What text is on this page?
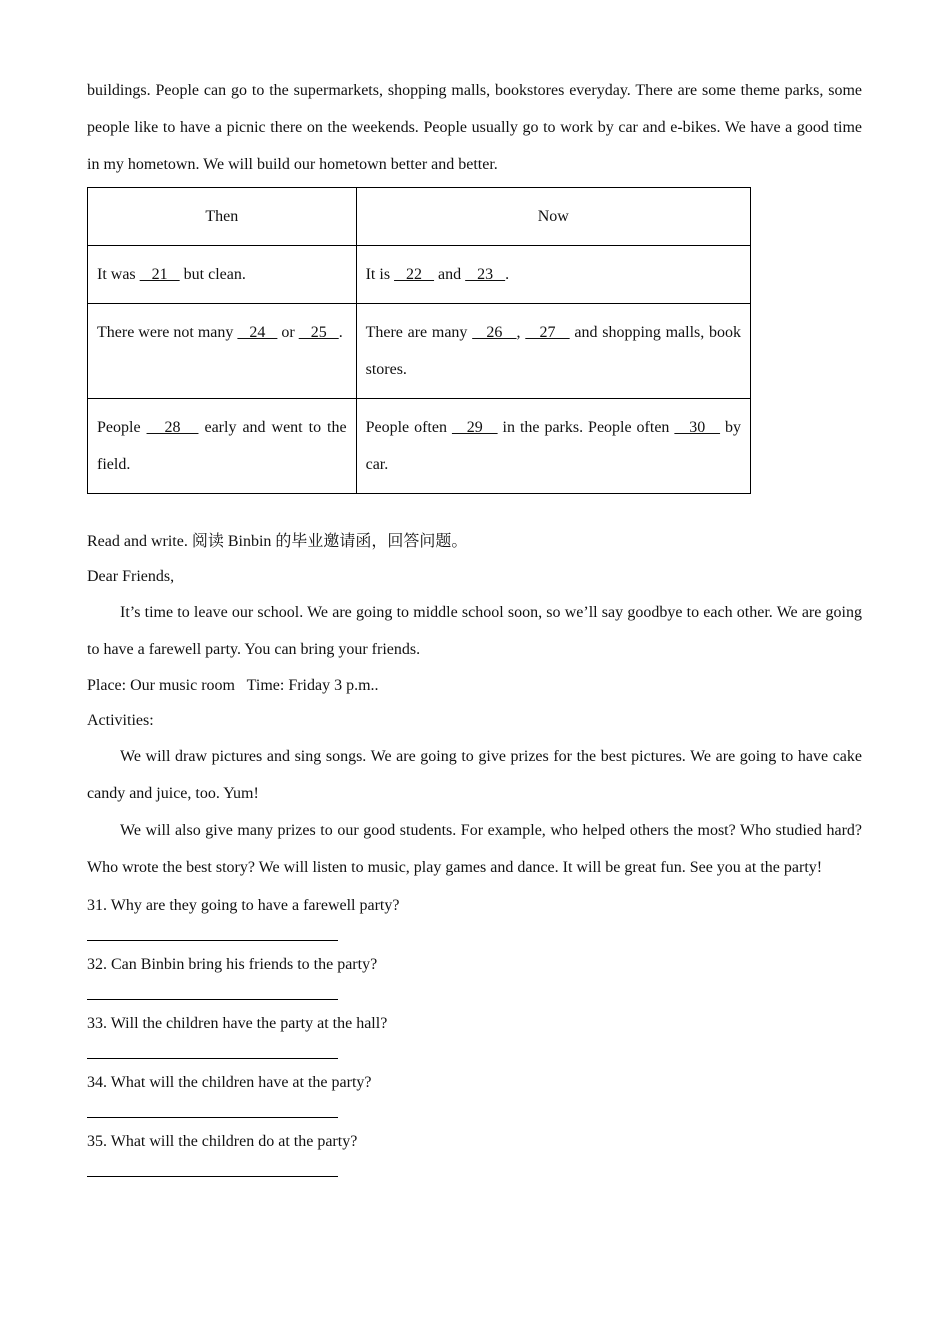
buildings. People can go to the supermarkets, shopping malls, bookstores everyday. There are some theme parks, some people like to have a picnic there on the weekends. People usually go to work by car and e-bikes. We have a good time in my hometown. We will build our hometown better and better.

Then	Now
It was    21    but clean.	It is    22    and    23   .
There were not many    24    or    25   .	There are many    26   ,    27    and shopping malls, book stores.
People    28    early and went to the field.	People often    29    in the parks. People often    30    by car.

Read and write. 阅读 Binbin 的毕业邀请函，回答问题。

Dear Friends,

It’s time to leave our school. We are going to middle school soon, so we’ll say goodbye to each other. We are going to have a farewell party. You can bring your friends.

Place: Our music room   Time: Friday 3 p.m..

Activities:

We will draw pictures and sing songs. We are going to give prizes for the best pictures. We are going to have cake  candy and juice, too. Yum!

We will also give many prizes to our good students. For example, who helped others the most? Who studied hard? Who wrote the best story? We will listen to music, play games and dance. It will be great fun. See you at the party!

31. Why are they going to have a farewell party?

32. Can Binbin bring his friends to the party?

33. Will the children have the party at the hall?

34. What will the children have at the party?

35. What will the children do at the party?
